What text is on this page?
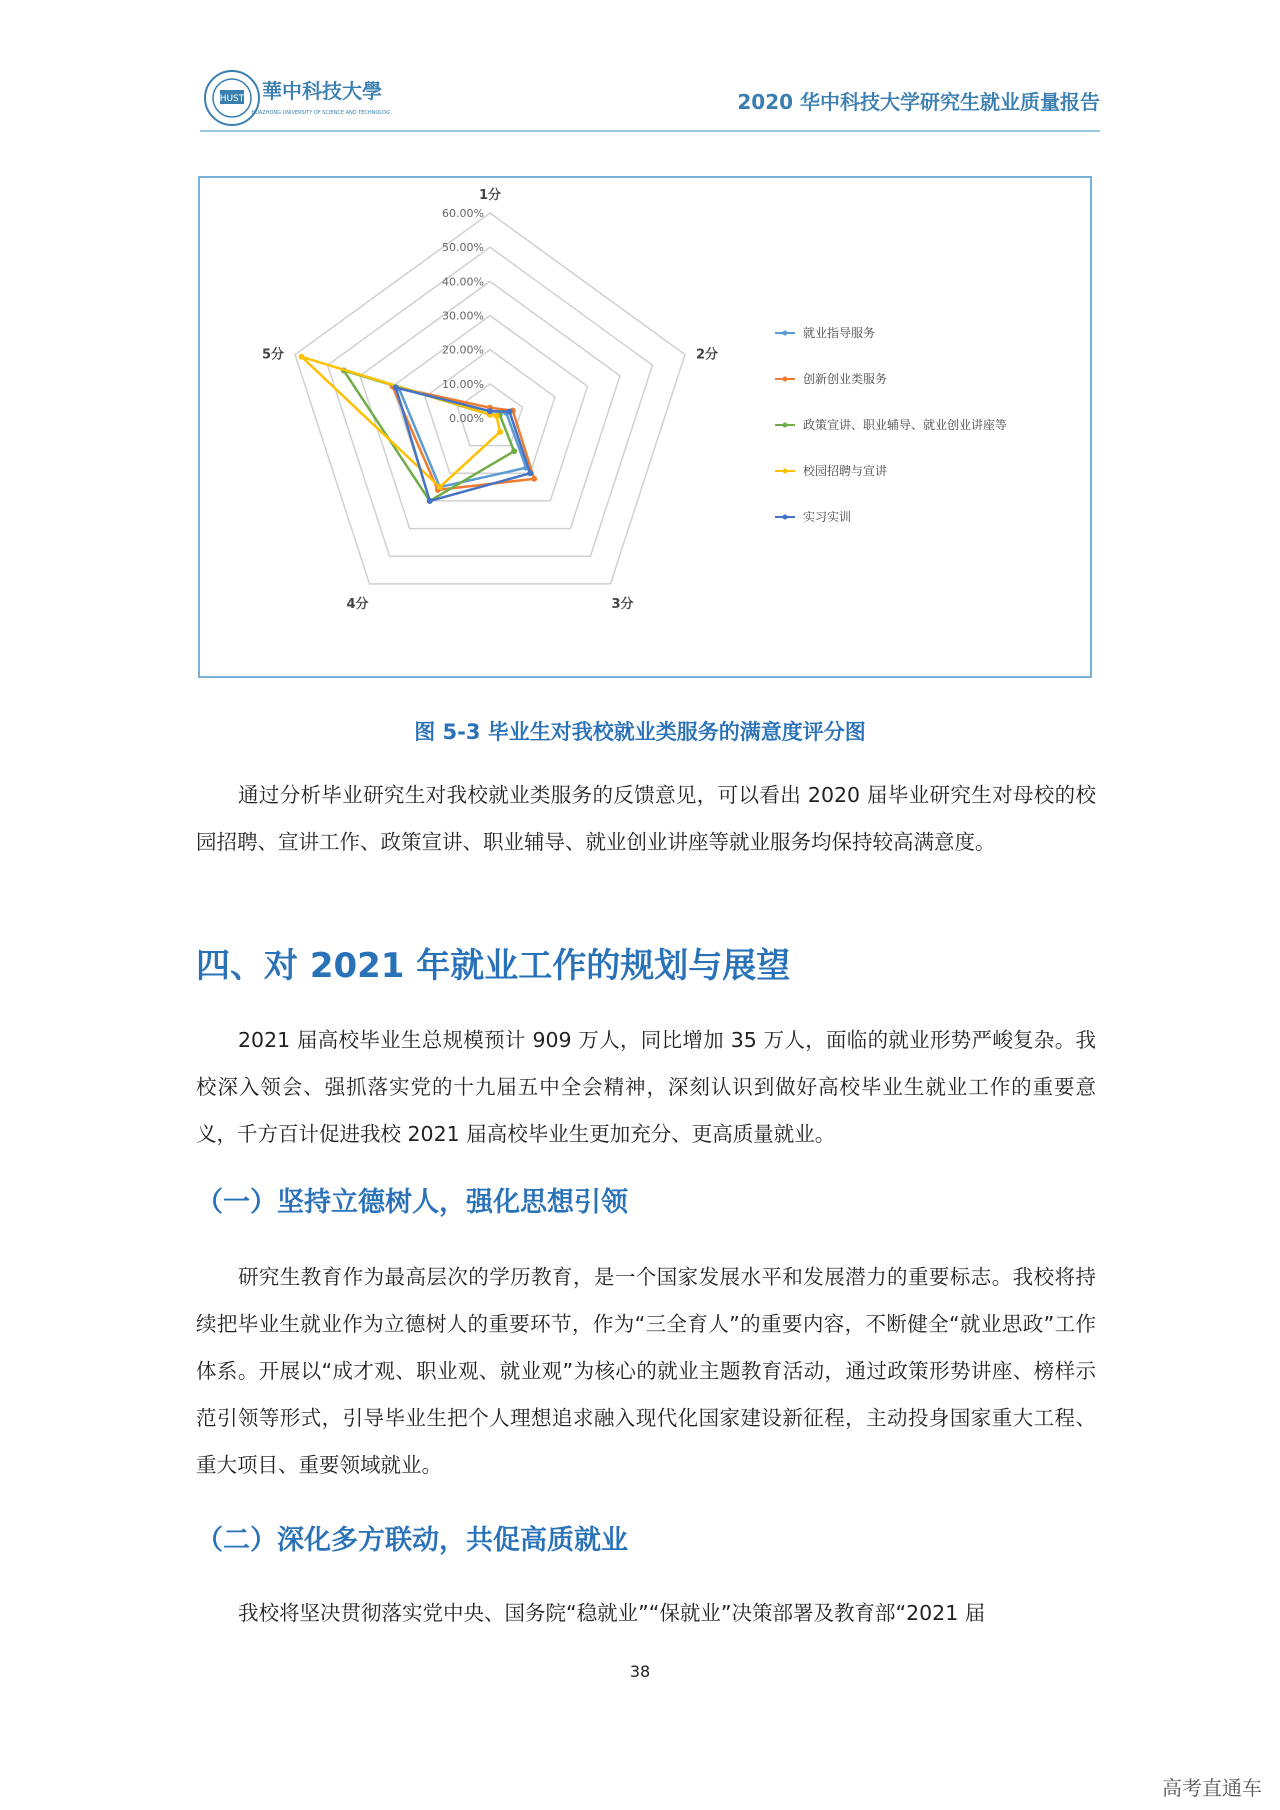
HUST 華中科技大學
HUAZHONG UNIVERSITY OF SCIENCE AND TECHNOLOGY	2020 华中科技大学研究生就业质量报告
0.00%
10.00%
20.00%
30.00%
40.00%
50.00%
60.00%
1分
2分
3分
4分
5分
就业指导服务
创新创业类服务
政策宣讲、职业辅导、就业创业讲座等
校园招聘与宣讲
实习实训
图 5-3 毕业生对我校就业类服务的满意度评分图
通过分析毕业研究生对我校就业类服务的反馈意见，可以看出 2020 届毕业研究生对母校的校园招聘、宣讲工作、政策宣讲、职业辅导、就业创业讲座等就业服务均保持较高满意度。
四、对 2021 年就业工作的规划与展望
2021 届高校毕业生总规模预计 909 万人，同比增加 35 万人，面临的就业形势严峻复杂。我校深入领会、强抓落实党的十九届五中全会精神，深刻认识到做好高校毕业生就业工作的重要意义，千方百计促进我校 2021 届高校毕业生更加充分、更高质量就业。
（一）坚持立德树人，强化思想引领
研究生教育作为最高层次的学历教育，是一个国家发展水平和发展潜力的重要标志。我校将持续把毕业生就业作为立德树人的重要环节，作为“三全育人”的重要内容，不断健全“就业思政”工作体系。开展以“成才观、职业观、就业观”为核心的就业主题教育活动，通过政策形势讲座、榜样示范引领等形式，引导毕业生把个人理想追求融入现代化国家建设新征程，主动投身国家重大工程、重大项目、重要领域就业。
（二）深化多方联动，共促高质就业
我校将坚决贯彻落实党中央、国务院“稳就业”“保就业”决策部署及教育部“2021 届
38
高考直通车
